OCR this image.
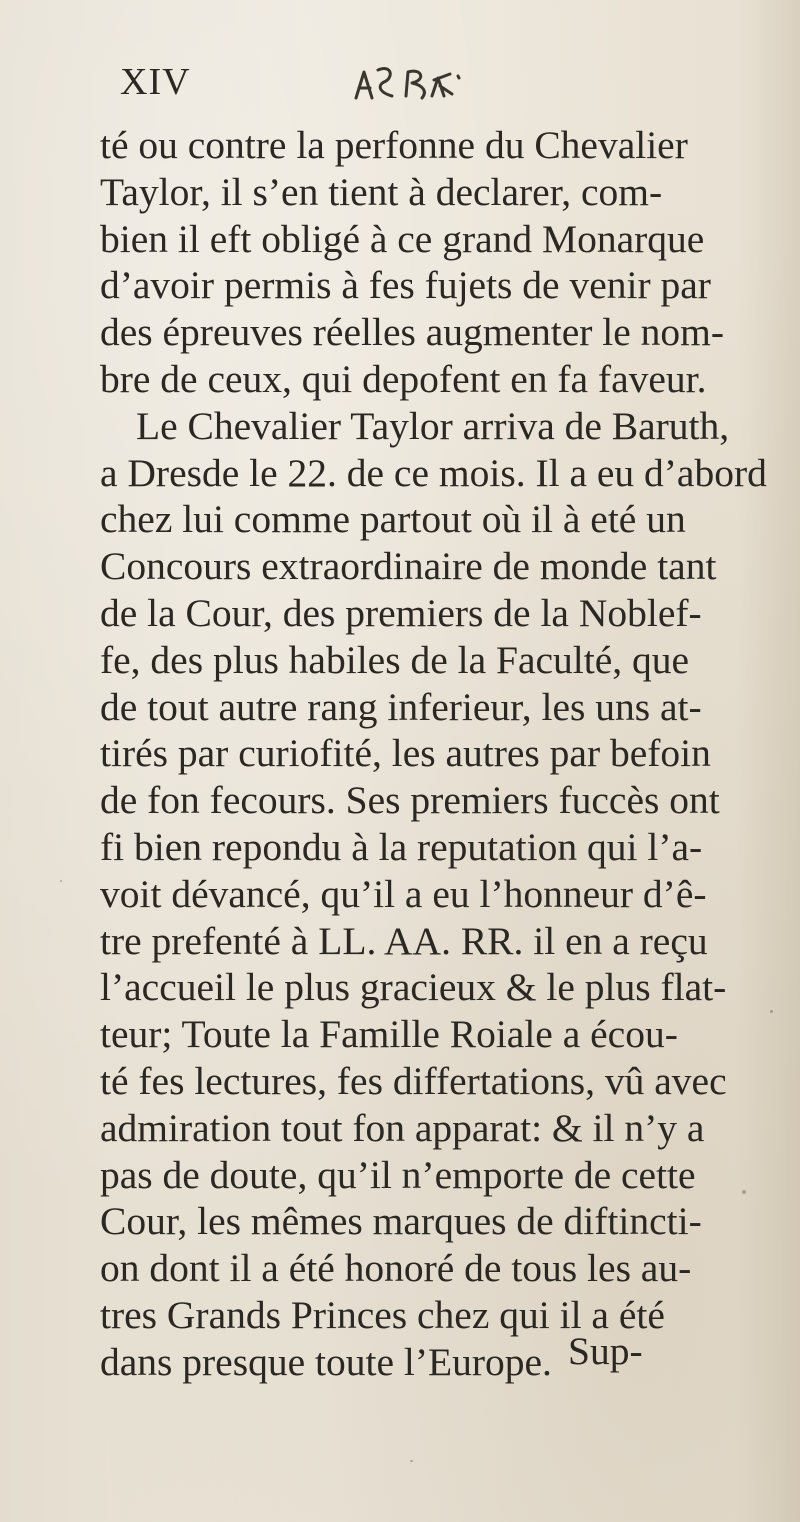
XIV
té ou contre la perfonne du Chevalier
Taylor, il s’en tient à declarer, com-
bien il eft obligé à ce grand Monarque
d’avoir permis à fes fujets de venir par
des épreuves réelles augmenter le nom-
bre de ceux, qui depofent en fa faveur.
Le Chevalier Taylor arriva de Baruth,
a Dresde le 22. de ce mois. Il a eu d’abord
chez lui comme partout où il à eté un
Concours extraordinaire de monde tant
de la Cour, des premiers de la Noblef-
fe, des plus habiles de la Faculté, que
de tout autre rang inferieur, les uns at-
tirés par curiofité, les autres par befoin
de fon fecours. Ses premiers fuccès ont
fi bien repondu à la reputation qui l’a-
voit dévancé, qu’il a eu l’honneur d’ê-
tre prefenté à LL. AA. RR. il en a reçu
l’accueil le plus gracieux & le plus flat-
teur; Toute la Famille Roiale a écou-
té fes lectures, fes differtations, vû avec
admiration tout fon apparat: & il n’y a
pas de doute, qu’il n’emporte de cette
Cour, les mêmes marques de diftincti-
on dont il a été honoré de tous les au-
tres Grands Princes chez qui il a été
dans presque toute l’Europe. Sup-
